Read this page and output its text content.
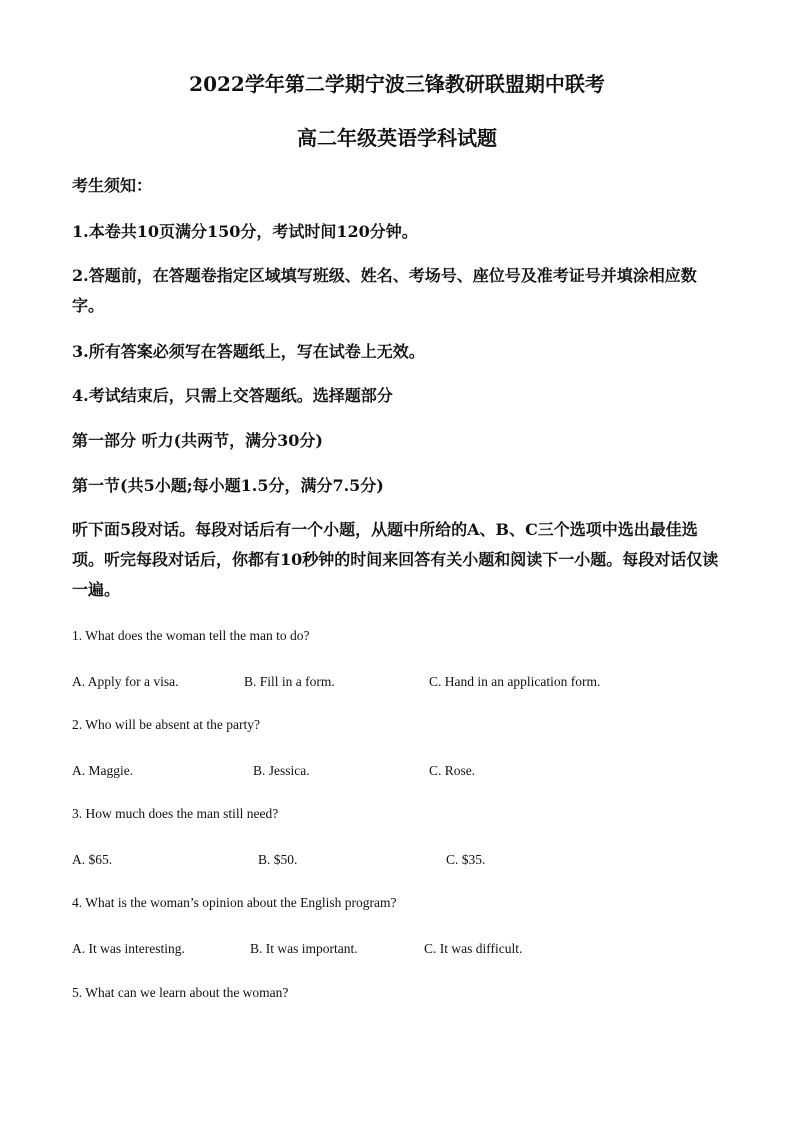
2022学年第二学期宁波三锋教研联盟期中联考
高二年级英语学科试题
考生须知：
1.本卷共10页满分150分，考试时间120分钟。
2.答题前，在答题卷指定区域填写班级、姓名、考场号、座位号及准考证号并填涂相应数字。
3.所有答案必须写在答题纸上，写在试卷上无效。
4.考试结束后，只需上交答题纸。选择题部分
第一部分 听力(共两节，满分30分)
第一节(共5小题;每小题1.5分，满分7.5分)
听下面5段对话。每段对话后有一个小题，从题中所给的A、B、C三个选项中选出最佳选项。听完每段对话后，你都有10秒钟的时间来回答有关小题和阅读下一小题。每段对话仅读一遍。
1. What does the woman tell the man to do?
A. Apply for a visa.	B. Fill in a form.	C. Hand in an application form.
2. Who will be absent at the party?
A. Maggie.	B. Jessica.	C. Rose.
3. How much does the man still need?
A. $65.	B. $50.	C. $35.
4. What is the woman’s opinion about the English program?
A. It was interesting.	B. It was important.	C. It was difficult.
5. What can we learn about the woman?
